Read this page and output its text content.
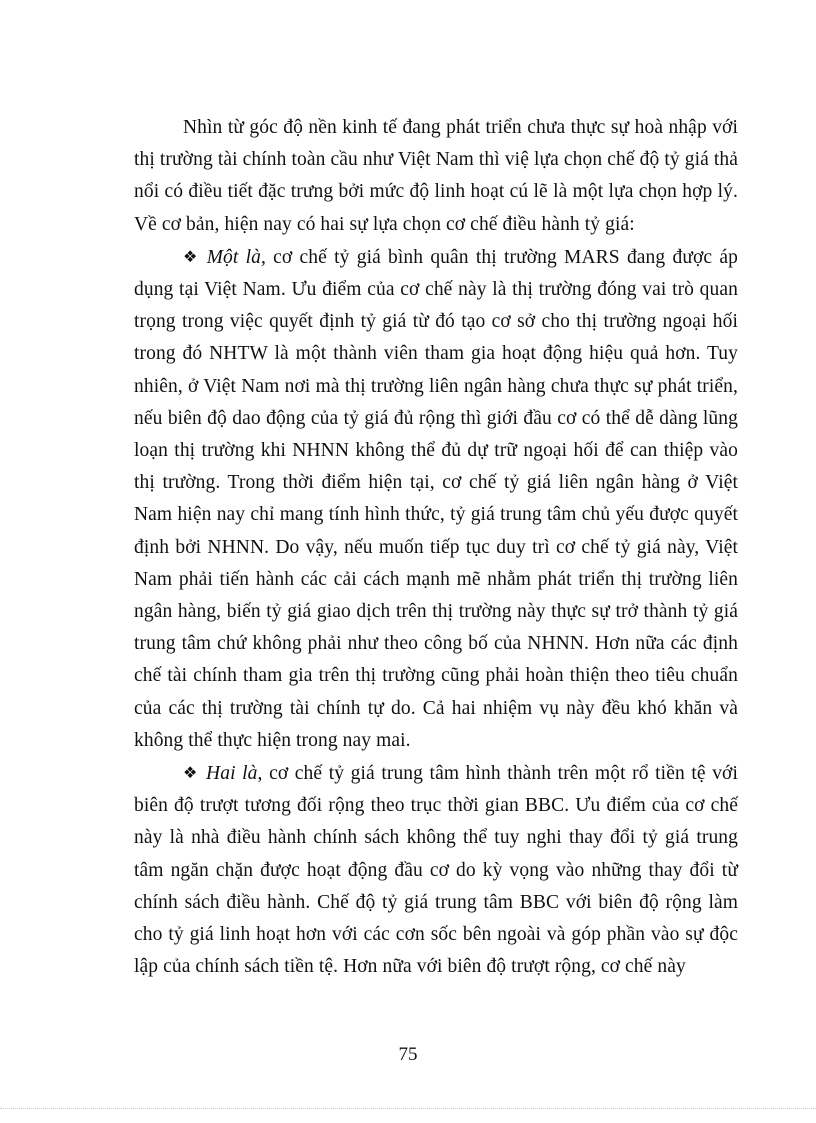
Nhìn từ góc độ nền kinh tế đang phát triển chưa thực sự hoà nhập với thị trường tài chính toàn cầu như Việt Nam thì việ lựa chọn chế độ tỷ giá thả nổi có điều tiết đặc trưng bởi mức độ linh hoạt cú lẽ là một lựa chọn hợp lý. Về cơ bản, hiện nay có hai sự lựa chọn cơ chế điều hành tỷ giá:

❖ Một là, cơ chế tỷ giá bình quân thị trường MARS đang được áp dụng tại Việt Nam. Ưu điểm của cơ chế này là thị trường đóng vai trò quan trọng trong việc quyết định tỷ giá từ đó tạo cơ sở cho thị trường ngoại hối trong đó NHTW là một thành viên tham gia hoạt động hiệu quả hơn. Tuy nhiên, ở Việt Nam nơi mà thị trường liên ngân hàng chưa thực sự phát triển, nếu biên độ dao động của tỷ giá đủ rộng thì giới đầu cơ có thể dễ dàng lũng loạn thị trường khi NHNN không thể đủ dự trữ ngoại hối để can thiệp vào thị trường. Trong thời điểm hiện tại, cơ chế tỷ giá liên ngân hàng ở Việt Nam hiện nay chỉ mang tính hình thức, tỷ giá trung tâm chủ yếu được quyết định bởi NHNN. Do vậy, nếu muốn tiếp tục duy trì cơ chế tỷ giá này, Việt Nam phải tiến hành các cải cách mạnh mẽ nhằm phát triển thị trường liên ngân hàng, biến tỷ giá giao dịch trên thị trường này thực sự trở thành tỷ giá trung tâm chứ không phải như theo công bố của NHNN. Hơn nữa các định chế tài chính tham gia trên thị trường cũng phải hoàn thiện theo tiêu chuẩn của các thị trường tài chính tự do. Cả hai nhiệm vụ này đều khó khăn và không thể thực hiện trong nay mai.

❖ Hai là, cơ chế tỷ giá trung tâm hình thành trên một rổ tiền tệ với biên độ trượt tương đối rộng theo trục thời gian BBC. Ưu điểm của cơ chế này là nhà điều hành chính sách không thể tuy nghi thay đổi tỷ giá trung tâm ngăn chặn được hoạt động đầu cơ do kỳ vọng vào những thay đổi từ chính sách điều hành. Chế độ tỷ giá trung tâm BBC với biên độ rộng làm cho tỷ giá linh hoạt hơn với các cơn sốc bên ngoài và góp phần vào sự độc lập của chính sách tiền tệ. Hơn nữa với biên độ trượt rộng, cơ chế này

75
